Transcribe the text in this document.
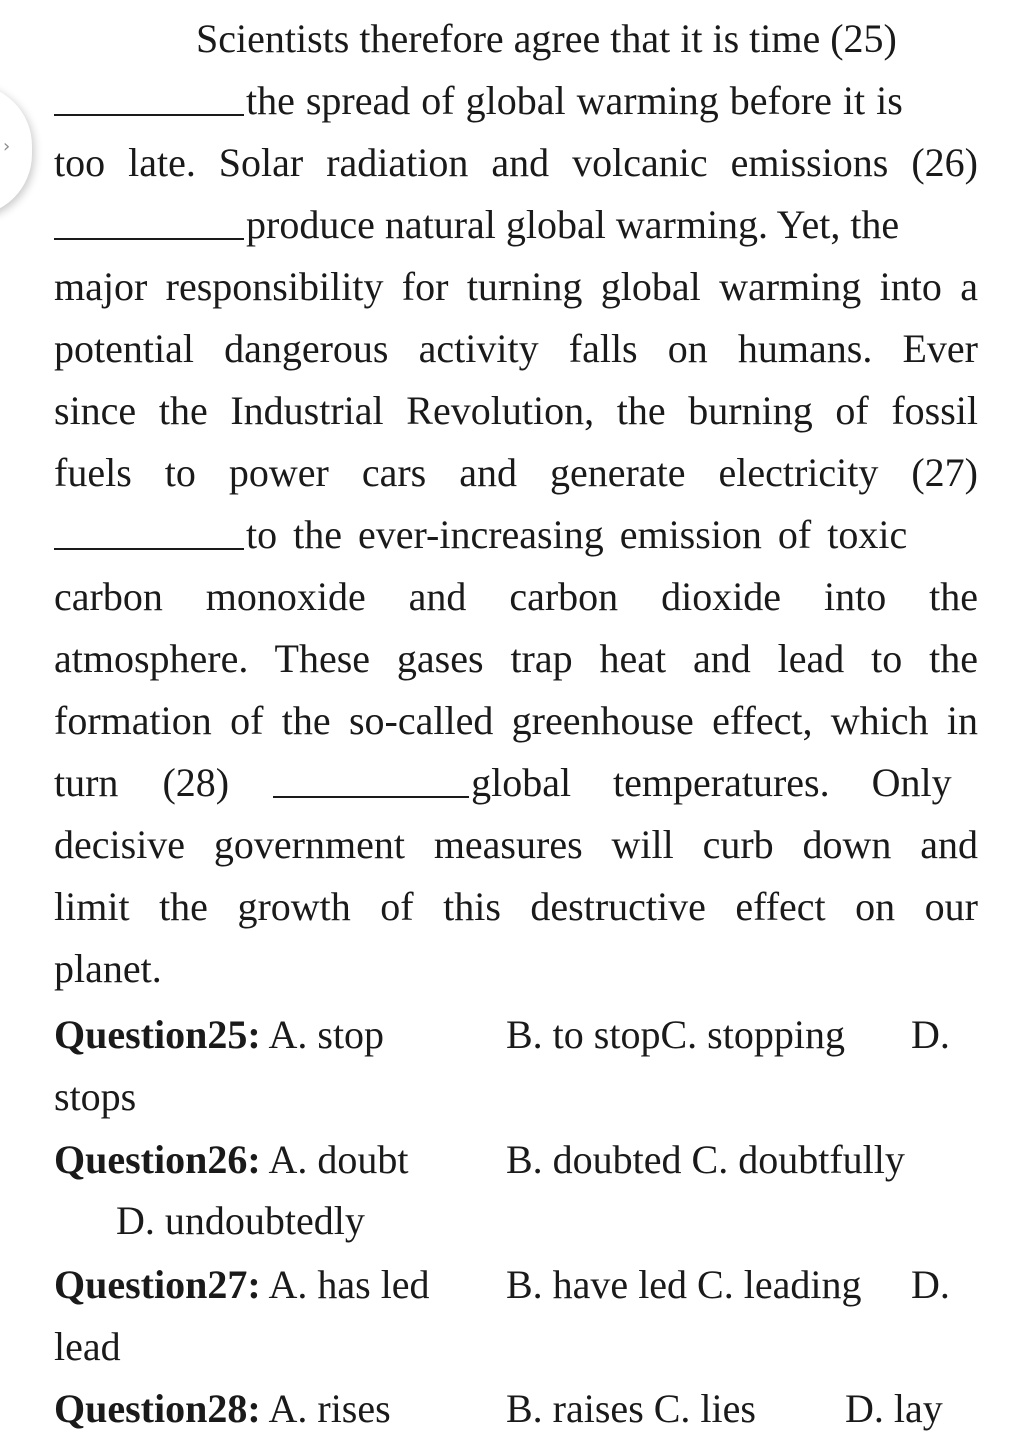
›
Scientists therefore agree that it is time (25)
the spread of global warming before it is
too late. Solar radiation and volcanic emissions (26)
produce natural global warming. Yet, the
major responsibility for turning global warming into a
potential dangerous activity falls on humans. Ever
since the Industrial Revolution, the burning of fossil
fuels to power cars and generate electricity (27)
to the ever-increasing emission of toxic
carbon monoxide and carbon dioxide into the
atmosphere. These gases trap heat and lead to the
formation of the so-called greenhouse effect, which in
turn (28)	global temperatures. Only
decisive government measures will curb down and
limit the growth of this destructive effect on our
planet.
Question25: A. stop	B. to stopC. stopping D.
stops
Question26: A. doubt B. doubted C. doubtfully
D. undoubtedly
Question27: A. has led B. have led C. leading D.
lead
Question28: A. rises	B. raises C. lies D. lay
